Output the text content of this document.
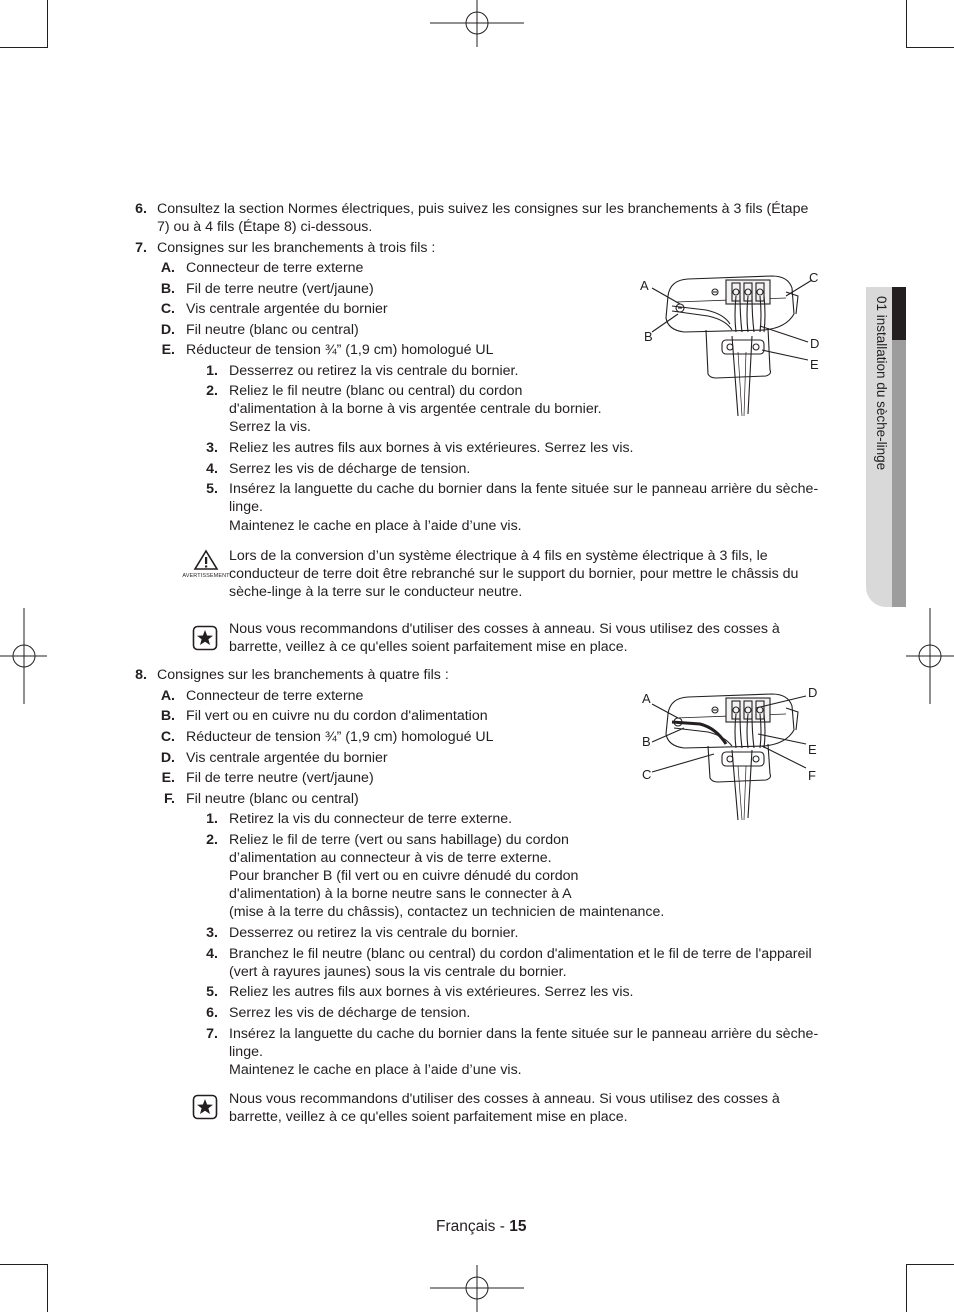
01 installation du sèche-linge
6. Consultez la section Normes électriques, puis suivez les consignes sur les branchements à 3 fils (Étape
7) ou à 4 fils (Étape 8) ci-dessous.
7. Consignes sur les branchements à trois fils :
A. Connecteur de terre externe
B. Fil de terre neutre (vert/jaune)
C. Vis centrale argentée du bornier
D. Fil neutre (blanc ou central)
E. Réducteur de tension ¾” (1,9 cm) homologué UL
1. Desserrez ou retirez la vis centrale du bornier.
2. Reliez le fil neutre (blanc ou central) du cordon
d'alimentation à la borne à vis argentée centrale du bornier.
Serrez la vis.
3. Reliez les autres fils aux bornes à vis extérieures. Serrez les vis.
4. Serrez les vis de décharge de tension.
5. Insérez la languette du cache du bornier dans la fente située sur le panneau arrière du sèche-
linge.
Maintenez le cache en place à l’aide d’une vis.
A
B
C
D
E
AVERTISSEMENT
Lors de la conversion d’un système électrique à 4 fils en système électrique à 3 fils, le
conducteur de terre doit être rebranché sur le support du bornier, pour mettre le châssis du
sèche-linge à la terre sur le conducteur neutre.
Nous vous recommandons d'utiliser des cosses à anneau. Si vous utilisez des cosses à
barrette, veillez à ce qu'elles soient parfaitement mise en place.
8. Consignes sur les branchements à quatre fils :
A. Connecteur de terre externe
B. Fil vert ou en cuivre nu du cordon d'alimentation
C. Réducteur de tension ¾” (1,9 cm) homologué UL
D. Vis centrale argentée du bornier
E. Fil de terre neutre (vert/jaune)
F. Fil neutre (blanc ou central)
1. Retirez la vis du connecteur de terre externe.
2. Reliez le fil de terre (vert ou sans habillage) du cordon
d’alimentation au connecteur à vis de terre externe.
Pour brancher B (fil vert ou en cuivre dénudé du cordon
d'alimentation) à la borne neutre sans le connecter à A
(mise à la terre du châssis), contactez un technicien de maintenance.
3. Desserrez ou retirez la vis centrale du bornier.
4. Branchez le fil neutre (blanc ou central) du cordon d'alimentation et le fil de terre de l'appareil
(vert à rayures jaunes) sous la vis centrale du bornier.
5. Reliez les autres fils aux bornes à vis extérieures. Serrez les vis.
6. Serrez les vis de décharge de tension.
7. Insérez la languette du cache du bornier dans la fente située sur le panneau arrière du sèche-
linge.
Maintenez le cache en place à l’aide d’une vis.
A
B
C
D
E
F
Nous vous recommandons d'utiliser des cosses à anneau. Si vous utilisez des cosses à
barrette, veillez à ce qu'elles soient parfaitement mise en place.
Français - 15
